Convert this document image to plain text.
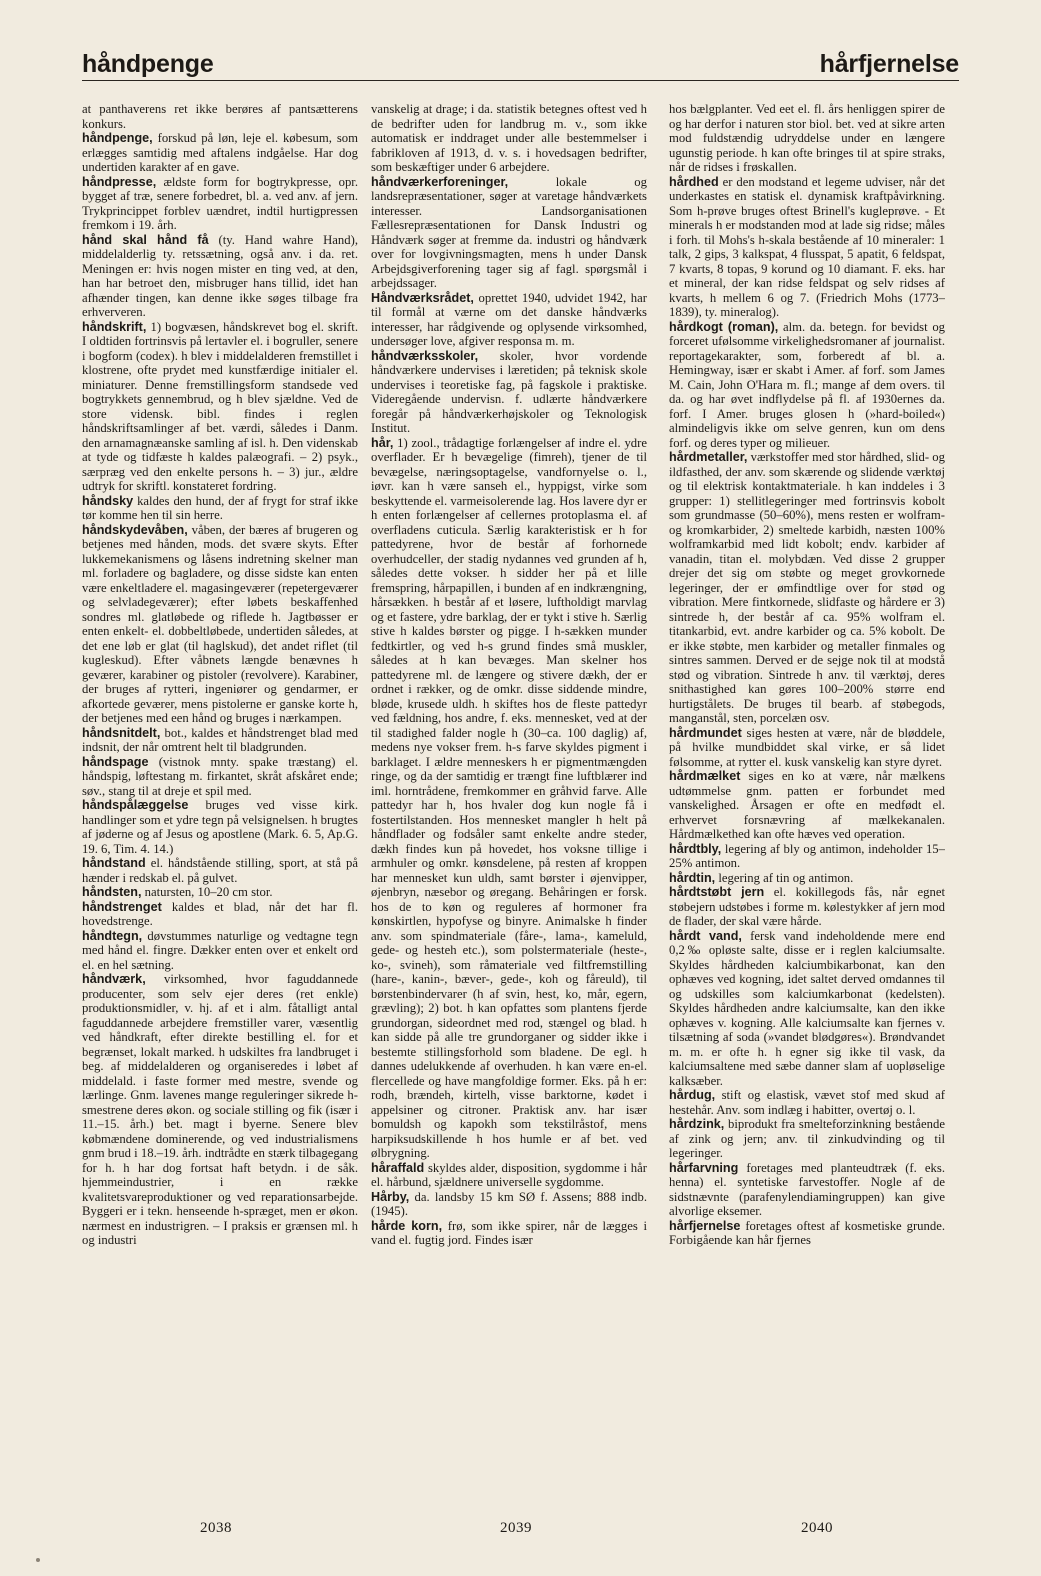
håndpenge	hårfjernelse

at panthaverens ret ikke berøres af pantsætterens konkurs.

håndpenge, forskud på løn, leje el. købesum, som erlægges samtidig med aftalens indgåelse. Har dog undertiden karakter af en gave.

håndpresse, ældste form for bogtrykpresse, opr. bygget af træ, senere forbedret, bl. a. ved anv. af jern. Trykprincippet forblev uændret, indtil hurtigpressen fremkom i 19. årh.

hånd skal hånd få (ty. Hand wahre Hand), middelalderlig ty. retssætning, også anv. i da. ret. Meningen er: hvis nogen mister en ting ved, at den, han har betroet den, misbruger hans tillid, idet han afhænder tingen, kan denne ikke søges tilbage fra erhververen.

håndskrift, 1) bogvæsen, håndskrevet bog el. skrift. I oldtiden fortrinsvis på lertavler el. i bogruller, senere i bogform (codex). h blev i middelalderen fremstillet i klostrene, ofte prydet med kunstfærdige initialer el. miniaturer. Denne fremstillingsform standsede ved bogtrykkets gennembrud, og h blev sjældne. Ved de store vidensk. bibl. findes i reglen håndskriftsamlinger af bet. værdi, således i Danm. den arnamagnæanske samling af isl. h. Den videnskab at tyde og tidfæste h kaldes palæografi. – 2) psyk., særpræg ved den enkelte persons h. – 3) jur., ældre udtryk for skriftl. konstateret fordring.

håndsky kaldes den hund, der af frygt for straf ikke tør komme hen til sin herre.

håndskydevåben, våben, der bæres af brugeren og betjenes med hånden, mods. det svære skyts. Efter lukkemekanismens og låsens indretning skelner man ml. forladere og bagladere, og disse sidste kan enten være enkeltladere el. magasingeværer (repetergeværer og selvladegeværer); efter løbets beskaffenhed sondres ml. glatløbede og riflede h. Jagtbøsser er enten enkelt- el. dobbeltløbede, undertiden således, at det ene løb er glat (til haglskud), det andet riflet (til kugleskud). Efter våbnets længde benævnes h geværer, karabiner og pistoler (revolvere). Karabiner, der bruges af rytteri, ingeniører og gendarmer, er afkortede geværer, mens pistolerne er ganske korte h, der betjenes med een hånd og bruges i nærkampen.

håndsnitdelt, bot., kaldes et håndstrenget blad med indsnit, der når omtrent helt til bladgrunden.

håndspage (vistnok mnty. spake træstang) el. håndspig, løftestang m. firkantet, skråt afskåret ende; søv., stang til at dreje et spil med.

håndspålæggelse bruges ved visse kirk. handlinger som et ydre tegn på velsignelsen. h brugtes af jøderne og af Jesus og apostlene (Mark. 6. 5, Ap.G. 19. 6, Tim. 4. 14.)

håndstand el. håndstående stilling, sport, at stå på hænder i redskab el. på gulvet.

håndsten, natursten, 10–20 cm stor.

håndstrenget kaldes et blad, når det har fl. hovedstrenge.

håndtegn, døvstummes naturlige og vedtagne tegn med hånd el. fingre. Dækker enten over et enkelt ord el. en hel sætning.

håndværk, virksomhed, hvor faguddannede producenter, som selv ejer deres (ret enkle) produktionsmidler, v. hj. af et i alm. fåtalligt antal faguddannede arbejdere fremstiller varer, væsentlig ved håndkraft, efter direkte bestilling el. for et begrænset, lokalt marked. h udskiltes fra landbruget i beg. af middelalderen og organiseredes i løbet af middelald. i faste former med mestre, svende og lærlinge. Gnm. lavenes mange reguleringer sikrede h-smestrene deres økon. og sociale stilling og fik (især i 11.–15. årh.) bet. magt i byerne. Senere blev købmændene dominerende, og ved industrialismens gnm brud i 18.–19. årh. indtrådte en stærk tilbagegang for h. h har dog fortsat haft betydn. i de såk. hjemmeindustrier, i en række kvalitetsvareproduktioner og ved reparationsarbejde. Byggeri er i tekn. henseende h-spræget, men er økon. nærmest en industrigren. – I praksis er grænsen ml. h og industri

vanskelig at drage; i da. statistik betegnes oftest ved h de bedrifter uden for landbrug m. v., som ikke automatisk er inddraget under alle bestemmelser i fabrikloven af 1913, d. v. s. i hovedsagen bedrifter, som beskæftiger under 6 arbejdere.

håndværkerforeninger,	lokale og landsrepræsentationer, søger at varetage håndværkets interesser. Landsorganisationen Fællesrepræsentationen for Dansk Industri og Håndværk søger at fremme da. industri og håndværk over for lovgivningsmagten, mens h under Dansk Arbejdsgiverforening tager sig af fagl. spørgsmål i arbejdssager.

Håndværksrådet, oprettet 1940, udvidet 1942, har til formål at værne om det danske håndværks interesser, har rådgivende og oplysende virksomhed, undersøger love, afgiver responsa m. m.

håndværksskoler, skoler, hvor vordende håndværkere undervises i læretiden; på teknisk skole undervises i teoretiske fag, på fagskole i praktiske. Videregående undervisn. f. udlærte håndværkere foregår på håndværkerhøjskoler og Teknologisk Institut.

hår, 1) zool., trådagtige forlængelser af indre el. ydre overflader. Er h bevægelige (fimreh), tjener de til bevægelse, næringsoptagelse, vandfornyelse o. l., iøvr. kan h være sanseh el., hyppigst, virke som beskyttende el. varmeisolerende lag. Hos lavere dyr er h enten forlængelser af cellernes protoplasma el. af overfladens cuticula. Særlig karakteristisk er h for pattedyrene, hvor de består af forhornede overhudceller, der stadig nydannes ved grunden af h, således dette vokser. h sidder her på et lille fremspring, hårpapillen, i bunden af en indkrængning, hårsækken. h består af et løsere, luftholdigt marvlag og et fastere, ydre barklag, der er tykt i stive h. Særlig stive h kaldes børster og pigge. I h-sækken munder fedtkirtler, og ved h-s grund findes små muskler, således at h kan bevæges. Man skelner hos pattedyrene ml. de længere og stivere dækh, der er ordnet i rækker, og de omkr. disse siddende mindre, bløde, krusede uldh. h skiftes hos de fleste pattedyr ved fældning, hos andre, f. eks. mennesket, ved at der til stadighed falder nogle h (30–ca. 100 daglig) af, medens nye vokser frem. h-s farve skyldes pigment i barklaget. I ældre menneskers h er pigmentmængden ringe, og da der samtidig er trængt fine luftblærer ind iml. horntrådene, fremkommer en gråhvid farve. Alle pattedyr har h, hos hvaler dog kun nogle få i fostertilstanden. Hos mennesket mangler h helt på håndflader og fodsåler samt enkelte andre steder, dækh findes kun på hovedet, hos voksne tillige i armhuler og omkr. kønsdelene, på resten af kroppen har mennesket kun uldh, samt børster i øjenvipper, øjenbryn, næsebor og øregang. Behåringen er forsk. hos de to køn og reguleres af hormoner fra kønskirtlen, hypofyse og binyre. Animalske h finder anv. som spindmateriale (fåre-, lama-, kameluld, gede- og hesteh etc.), som polstermateriale (heste-, ko-, svineh), som råmateriale ved filtfremstilling (hare-, kanin-, bæver-, gede-, koh og fåreuld), til børstenbindervarer (h af svin, hest, ko, mår, egern, grævling); 2) bot. h kan opfattes som plantens fjerde grundorgan, sideordnet med rod, stængel og blad. h kan sidde på alle tre grundorganer og sidder ikke i bestemte stillingsforhold som bladene. De egl. h dannes udelukkende af overhuden. h kan være en-el. flercellede og have mangfoldige former. Eks. på h er: rodh, brændeh, kirtelh, visse barktorne, kødet i appelsiner og citroner. Praktisk anv. har især bomuldsh og kapokh som tekstilråstof, mens harpiksudskillende h hos humle er af bet. ved ølbrygning.

håraffald skyldes alder, disposition, sygdomme i hår el. hårbund, sjældnere universelle sygdomme.

Hårby, da. landsby 15 km SØ f. Assens; 888 indb. (1945).

hårde korn, frø, som ikke spirer, når de lægges i vand el. fugtig jord. Findes især

hos bælgplanter. Ved eet el. fl. års henliggen spirer de og har derfor i naturen stor biol. bet. ved at sikre arten mod fuldstændig udryddelse under en længere ugunstig periode. h kan ofte bringes til at spire straks, når de ridses i frøskallen.

hårdhed er den modstand et legeme udviser, når det underkastes en statisk el. dynamisk kraftpåvirkning. Som h-prøve bruges oftest Brinell's kugleprøve. - Et minerals h er modstanden mod at lade sig ridse; måles i forh. til Mohs's h-skala bestående af 10 mineraler: 1 talk, 2 gips, 3 kalkspat, 4 flusspat, 5 apatit, 6 feldspat, 7 kvarts, 8 topas, 9 korund og 10 diamant. F. eks. har et mineral, der kan ridse feldspat og selv ridses af kvarts, h mellem 6 og 7. (Friedrich Mohs (1773–1839), ty. mineralog).

hårdkogt (roman), alm. da. betegn. for bevidst og forceret ufølsomme virkelighedsromaner af journalist. reportagekarakter, som, forberedt af bl. a. Hemingway, især er skabt i Amer. af forf. som James M. Cain, John O'Hara m. fl.; mange af dem overs. til da. og har øvet indflydelse på fl. af 1930ernes da. forf. I Amer. bruges glosen h (»hard-boiled«) almindeligvis ikke om selve genren, kun om dens forf. og deres typer og milieuer.

hårdmetaller, værkstoffer med stor hårdhed, slid- og ildfasthed, der anv. som skærende og slidende værktøj og til elektrisk kontaktmateriale. h kan inddeles i 3 grupper: 1) stellitlegeringer med fortrinsvis kobolt som grundmasse (50–60%), mens resten er wolfram- og kromkarbider, 2) smeltede karbidh, næsten 100% wolframkarbid med lidt kobolt; endv. karbider af vanadin, titan el. molybdæn. Ved disse 2 grupper drejer det sig om støbte og meget grovkornede legeringer, der er ømfindtlige over for stød og vibration. Mere fintkornede, slidfaste og hårdere er 3) sintrede h, der består af ca. 95% wolfram el. titankarbid, evt. andre karbider og ca. 5% kobolt. De er ikke støbte, men karbider og metaller finmales og sintres sammen. Derved er de sejge nok til at modstå stød og vibration. Sintrede h anv. til værktøj, deres snithastighed kan gøres 100–200% større end hurtigstålets. De bruges til bearb. af støbegods, manganstål, sten, porcelæn osv.

hårdmundet siges hesten at være, når de bløddele, på hvilke mundbiddet skal virke, er så lidet følsomme, at rytter el. kusk vanskelig kan styre dyret.

hårdmælket siges en ko at være, når mælkens udtømmelse gnm. patten er forbundet med vanskelighed. Årsagen er ofte en medfødt el. erhvervet forsnævring af mælkekanalen. Hårdmælkethed kan ofte hæves ved operation.

hårdtbly, legering af bly og antimon, indeholder 15–25% antimon.

hårdtin, legering af tin og antimon.

hårdtstøbt jern el. kokillegods fås, når egnet støbejern udstøbes i forme m. kølestykker af jern mod de flader, der skal være hårde.

hårdt vand, fersk vand indeholdende mere end 0,2‰ opløste salte, disse er i reglen kalciumsalte. Skyldes hårdheden kalciumbikarbonat, kan den ophæves ved kogning, idet saltet derved omdannes til og udskilles som kalciumkarbonat (kedelsten). Skyldes hårdheden andre kalciumsalte, kan den ikke ophæves v. kogning. Alle kalciumsalte kan fjernes v. tilsætning af soda (»vandet blødgøres«). Brøndvandet m. m. er ofte h. h egner sig ikke til vask, da kalciumsaltene med sæbe danner slam af uopløselige kalksæber.

hårdug, stift og elastisk, vævet stof med skud af hestehår. Anv. som indlæg i habitter, overtøj o. l.

hårdzink, biprodukt fra smelteforzinkning bestående af zink og jern; anv. til zinkudvinding og til legeringer.

hårfarvning foretages med planteudtræk (f. eks. henna) el. syntetiske farvestoffer. Nogle af de sidstnævnte (parafenylendiamingruppen) kan give alvorlige eksemer.

hårfjernelse foretages oftest af kosmetiske grunde. Forbigående kan hår fjernes

2038	2039	2040
